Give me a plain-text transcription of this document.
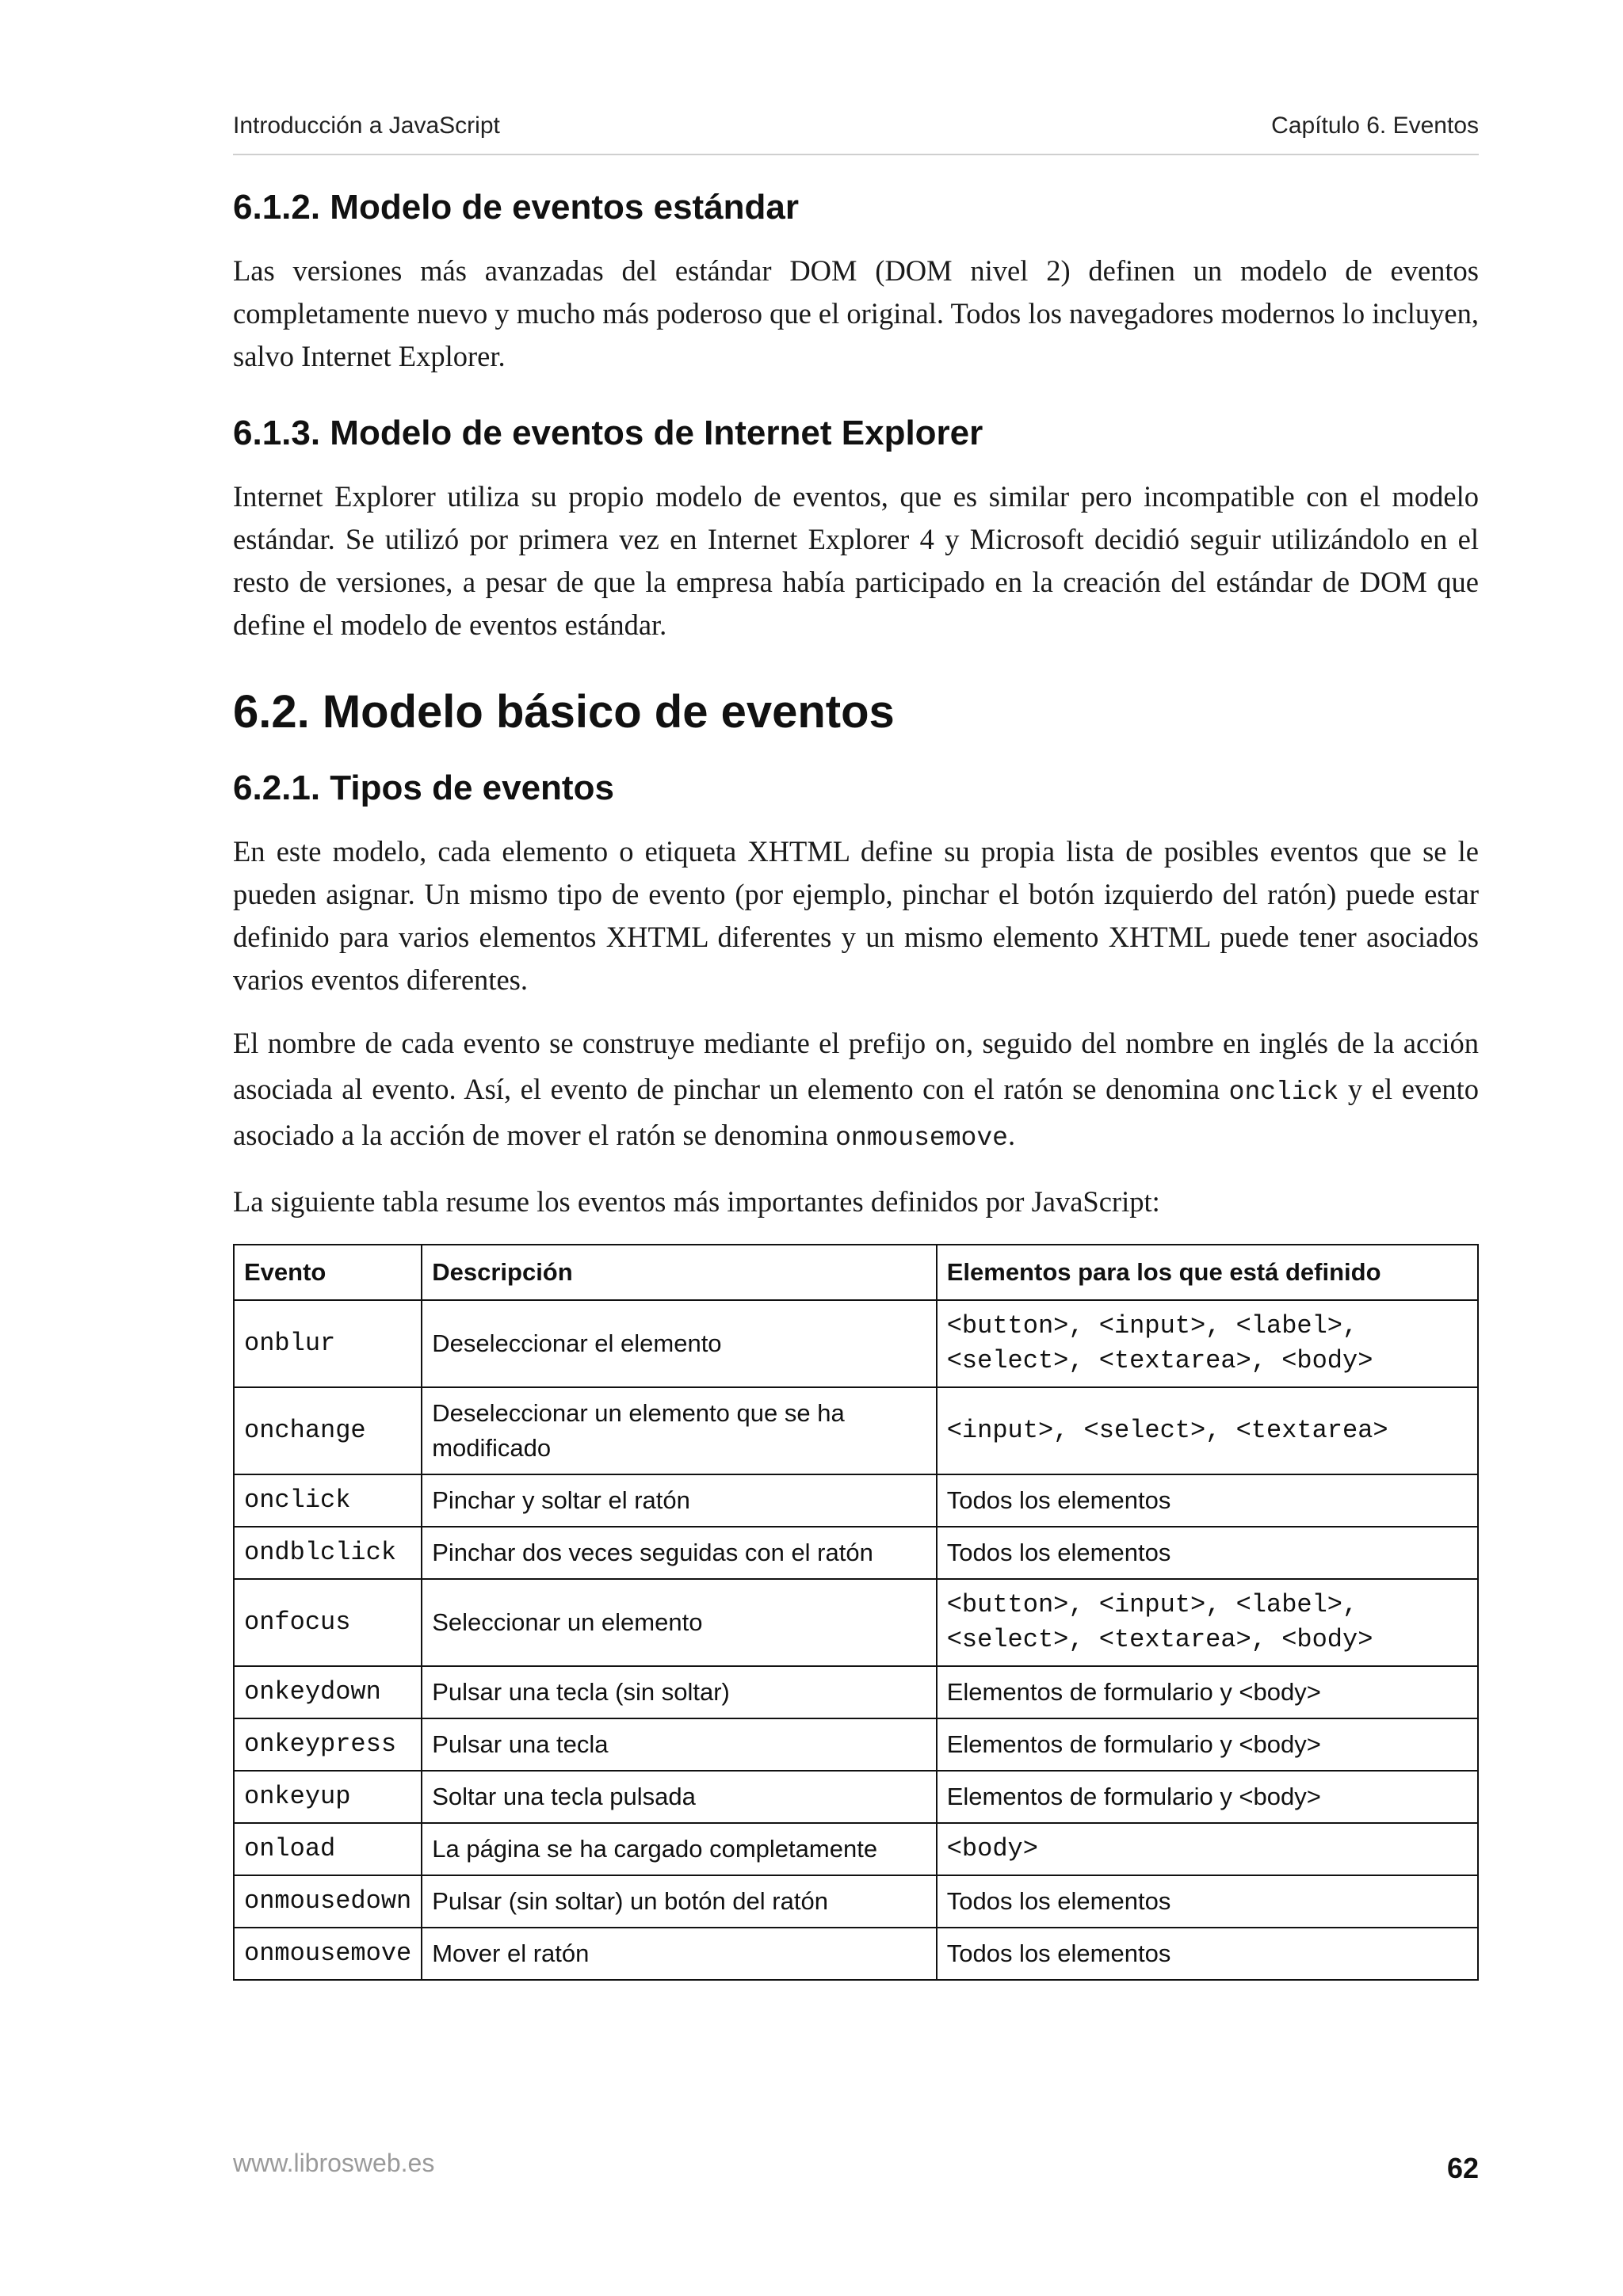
Introducción a JavaScript	Capítulo 6. Eventos
6.1.2. Modelo de eventos estándar

Las versiones más avanzadas del estándar DOM (DOM nivel 2) definen un modelo de eventos completamente nuevo y mucho más poderoso que el original. Todos los navegadores modernos lo incluyen, salvo Internet Explorer.

6.1.3. Modelo de eventos de Internet Explorer

Internet Explorer utiliza su propio modelo de eventos, que es similar pero incompatible con el modelo estándar. Se utilizó por primera vez en Internet Explorer 4 y Microsoft decidió seguir utilizándolo en el resto de versiones, a pesar de que la empresa había participado en la creación del estándar de DOM que define el modelo de eventos estándar.

6.2. Modelo básico de eventos
6.2.1. Tipos de eventos

En este modelo, cada elemento o etiqueta XHTML define su propia lista de posibles eventos que se le pueden asignar. Un mismo tipo de evento (por ejemplo, pinchar el botón izquierdo del ratón) puede estar definido para varios elementos XHTML diferentes y un mismo elemento XHTML puede tener asociados varios eventos diferentes.

El nombre de cada evento se construye mediante el prefijo on, seguido del nombre en inglés de la acción asociada al evento. Así, el evento de pinchar un elemento con el ratón se denomina onclick y el evento asociado a la acción de mover el ratón se denomina onmousemove.

La siguiente tabla resume los eventos más importantes definidos por JavaScript:

Evento	Descripción	Elementos para los que está definido
onblur	Deseleccionar el elemento	<button>, <input>, <label>, <select>, <textarea>, <body>
onchange	Deseleccionar un elemento que se ha modificado	<input>, <select>, <textarea>
onclick	Pinchar y soltar el ratón	Todos los elementos
ondblclick	Pinchar dos veces seguidas con el ratón	Todos los elementos
onfocus	Seleccionar un elemento	<button>, <input>, <label>, <select>, <textarea>, <body>
onkeydown	Pulsar una tecla (sin soltar)	Elementos de formulario y <body>
onkeypress	Pulsar una tecla	Elementos de formulario y <body>
onkeyup	Soltar una tecla pulsada	Elementos de formulario y <body>
onload	La página se ha cargado completamente	<body>
onmousedown	Pulsar (sin soltar) un botón del ratón	Todos los elementos
onmousemove	Mover el ratón	Todos los elementos
www.librosweb.es	62
